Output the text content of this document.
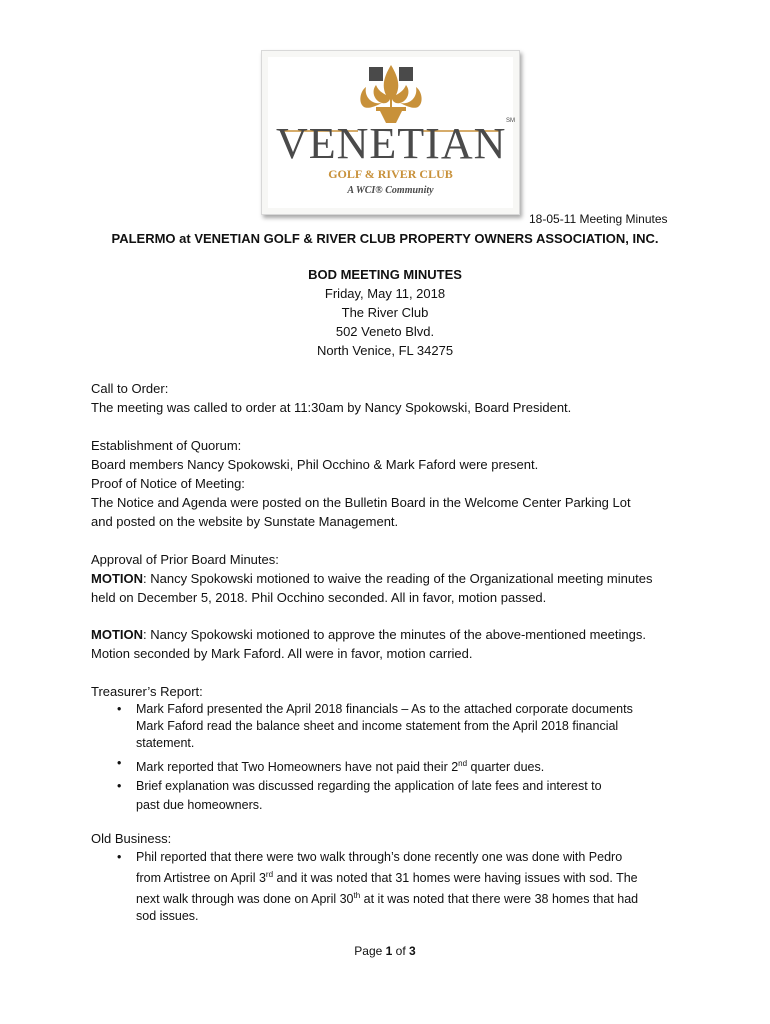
VENETIAN
GOLF & RIVER CLUB
A WCI® Community
SM
18-05-11 Meeting Minutes
PALERMO at VENETIAN GOLF & RIVER CLUB PROPERTY OWNERS ASSOCIATION, INC.
BOD MEETING MINUTES
Friday, May 11, 2018
The River Club
502 Veneto Blvd.
North Venice, FL 34275
Call to Order:
The meeting was called to order at 11:30am by Nancy Spokowski, Board President.
Establishment of Quorum:
Board members Nancy Spokowski, Phil Occhino & Mark Faford were present.
Proof of Notice of Meeting:
The Notice and Agenda were posted on the Bulletin Board in the Welcome Center Parking Lot
and posted on the website by Sunstate Management.
Approval of Prior Board Minutes:
MOTION: Nancy Spokowski motioned to waive the reading of the Organizational meeting minutes
held on December 5, 2018. Phil Occhino seconded. All in favor, motion passed.
MOTION: Nancy Spokowski motioned to approve the minutes of the above-mentioned meetings.
Motion seconded by Mark Faford. All were in favor, motion carried.
Treasurer’s Report:
• Mark Faford presented the April 2018 financials – As to the attached corporate documents
Mark Faford read the balance sheet and income statement from the April 2018 financial
statement.
• Mark reported that Two Homeowners have not paid their 2nd quarter dues.
• Brief explanation was discussed regarding the application of late fees and interest to
past due homeowners.
Old Business:
• Phil reported that there were two walk through’s done recently one was done with Pedro
from Artistree on April 3rd and it was noted that 31 homes were having issues with sod. The
next walk through was done on April 30th at it was noted that there were 38 homes that had
sod issues.
Page 1 of 3
